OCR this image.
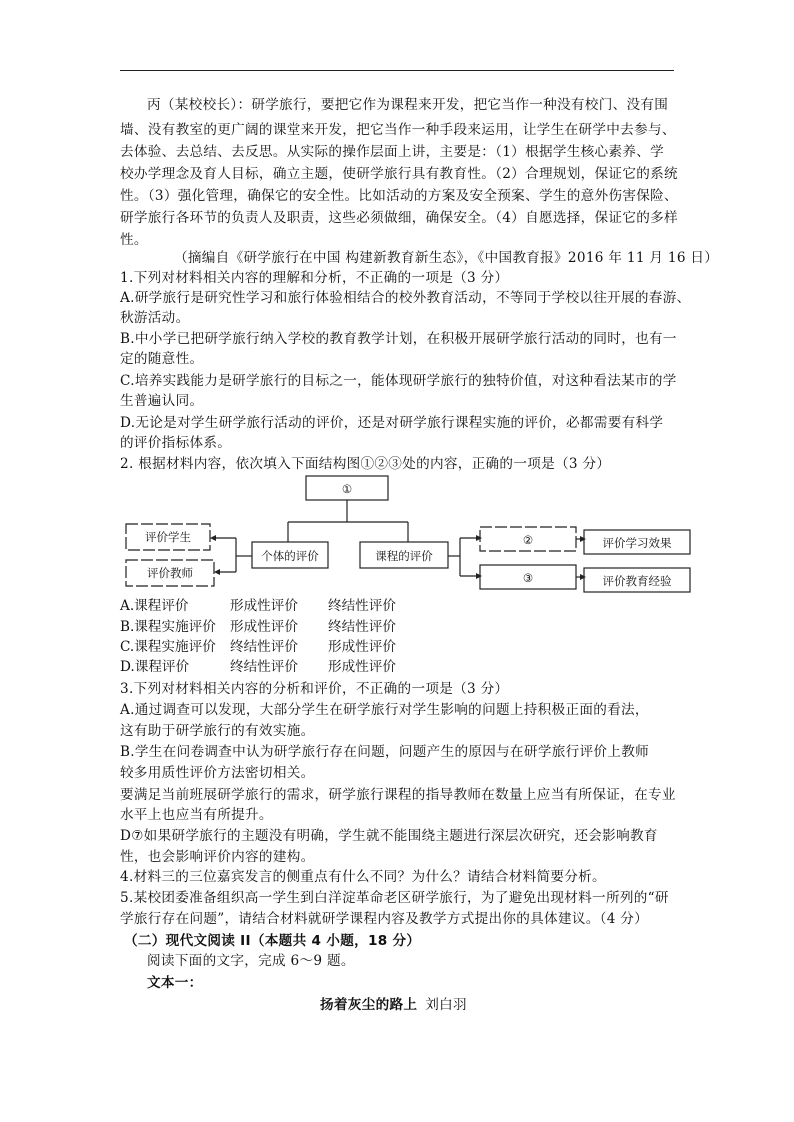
丙（某校校长）：研学旅行，要把它作为课程来开发，把它当作一种没有校门、没有围
墙、没有教室的更广阔的课堂来开发，把它当作一种手段来运用，让学生在研学中去参与、
去体验、去总结、去反思。从实际的操作层面上讲，主要是：（1）根据学生核心素养、学
校办学理念及育人目标，确立主题，使研学旅行具有教育性。（2）合理规划，保证它的系统
性。（3）强化管理，确保它的安全性。比如活动的方案及安全预案、学生的意外伤害保险、
研学旅行各环节的负责人及职责，这些必须做细，确保安全。（4）自愿选择，保证它的多样
性。
（摘编自《研学旅行在中国 构建新教育新生态》，《中国教育报》2016 年 11 月 16 日）
1.下列对材料相关内容的理解和分析，不正确的一项是（3 分）
A.研学旅行是研究性学习和旅行体验相结合的校外教育活动，不等同于学校以往开展的春游、
秋游活动。
B.中小学已把研学旅行纳入学校的教育教学计划，在积极开展研学旅行活动的同时，也有一
定的随意性。
C.培养实践能力是研学旅行的目标之一，能体现研学旅行的独特价值，对这种看法某市的学
生普遍认同。
D.无论是对学生研学旅行活动的评价，还是对研学旅行课程实施的评价，必都需要有科学
的评价指标体系。
2. 根据材料内容，依次填入下面结构图①②③处的内容，正确的一项是（3 分）
①
个体的评价	课程的评价
评价学生
评价教师
②
③
评价学习效果
评价教育经验
A.课程评价	形成性评价 终结性评价
B.课程实施评价 形成性评价 终结性评价
C.课程实施评价 终结性评价 形成性评价
D.课程评价	终结性评价 形成性评价
3.下列对材料相关内容的分析和评价，不正确的一项是（3 分）
A.通过调查可以发现，大部分学生在研学旅行对学生影响的问题上持积极正面的看法，
这有助于研学旅行的有效实施。
B.学生在问卷调查中认为研学旅行存在问题，问题产生的原因与在研学旅行评价上教师
较多用质性评价方法密切相关。
要满足当前班展研学旅行的需求，研学旅行课程的指导教师在数量上应当有所保证，在专业
水平上也应当有所提升。
D⑦如果研学旅行的主题没有明确，学生就不能围绕主题进行深层次研究，还会影响教育
性，也会影响评价内容的建构。
4.材料三的三位嘉宾发言的侧重点有什么不同？为什么？请结合材料简要分析。
5.某校团委准备组织高一学生到白洋淀革命老区研学旅行，为了避免出现材料一所列的“研
学旅行存在问题”，请结合材料就研学课程内容及教学方式提出你的具体建议。（4 分）
（二）现代文阅读 II（本题共 4 小题，18 分）
阅读下面的文字，完成 6～9 题。
文本一：
扬着灰尘的路上 刘白羽
